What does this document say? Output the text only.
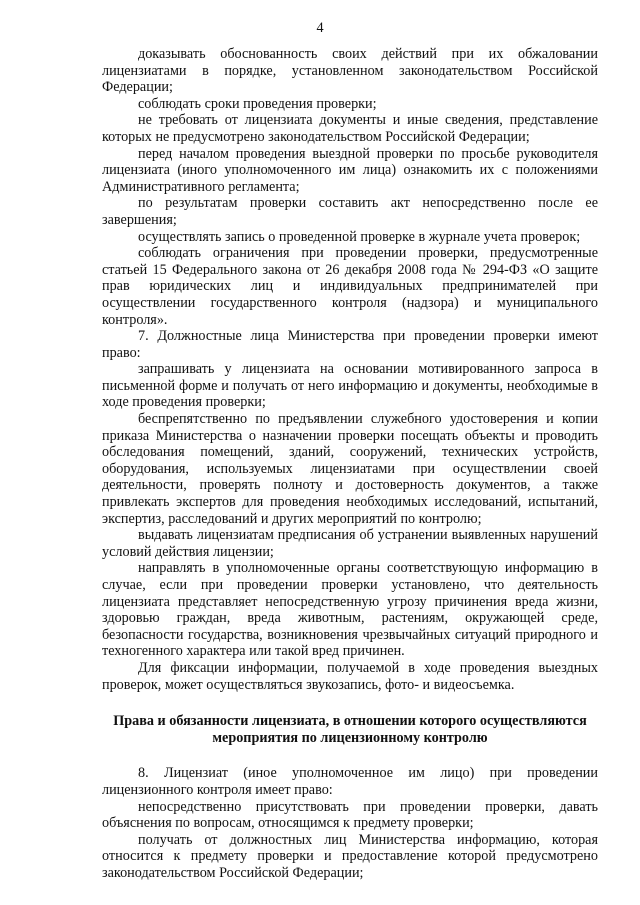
4

доказывать обоснованность своих действий при их обжаловании лицензиатами в порядке, установленном законодательством Российской Федерации;

соблюдать сроки проведения проверки;

не требовать от лицензиата документы и иные сведения, представление которых не предусмотрено законодательством Российской Федерации;

перед началом проведения выездной проверки по просьбе руководителя лицензиата (иного уполномоченного им лица) ознакомить их с положениями Административного регламента;

по результатам проверки составить акт непосредственно после ее завершения;

осуществлять запись о проведенной проверке в журнале учета проверок;

соблюдать ограничения при проведении проверки, предусмотренные статьей 15 Федерального закона от 26 декабря 2008 года № 294-ФЗ «О защите прав юридических лиц и индивидуальных предпринимателей при осуществлении государственного контроля (надзора) и муниципального контроля».

7. Должностные лица Министерства при проведении проверки имеют право:

запрашивать у лицензиата на основании мотивированного запроса в письменной форме и получать от него информацию и документы, необходимые в ходе проведения проверки;

беспрепятственно по предъявлении служебного удостоверения и копии приказа Министерства о назначении проверки посещать объекты и проводить обследования помещений, зданий, сооружений, технических устройств, оборудования, используемых лицензиатами при осуществлении своей деятельности, проверять полноту и достоверность документов, а также привлекать экспертов для проведения необходимых исследований, испытаний, экспертиз, расследований и других мероприятий по контролю;

выдавать лицензиатам предписания об устранении выявленных нарушений условий действия лицензии;

направлять в уполномоченные органы соответствующую информацию в случае, если при проведении проверки установлено, что деятельность лицензиата представляет непосредственную угрозу причинения вреда жизни, здоровью граждан, вреда животным, растениям, окружающей среде, безопасности государства, возникновения чрезвычайных ситуаций природного и техногенного характера или такой вред причинен.

Для фиксации информации, получаемой в ходе проведения выездных проверок, может осуществляться звукозапись, фото- и видеосъемка.

Права и обязанности лицензиата, в отношении которого осуществляются мероприятия по лицензионному контролю

8. Лицензиат (иное уполномоченное им лицо) при проведении лицензионного контроля имеет право:

непосредственно присутствовать при проведении проверки, давать объяснения по вопросам, относящимся к предмету проверки;

получать от должностных лиц Министерства информацию, которая относится к предмету проверки и предоставление которой предусмотрено законодательством Российской Федерации;
